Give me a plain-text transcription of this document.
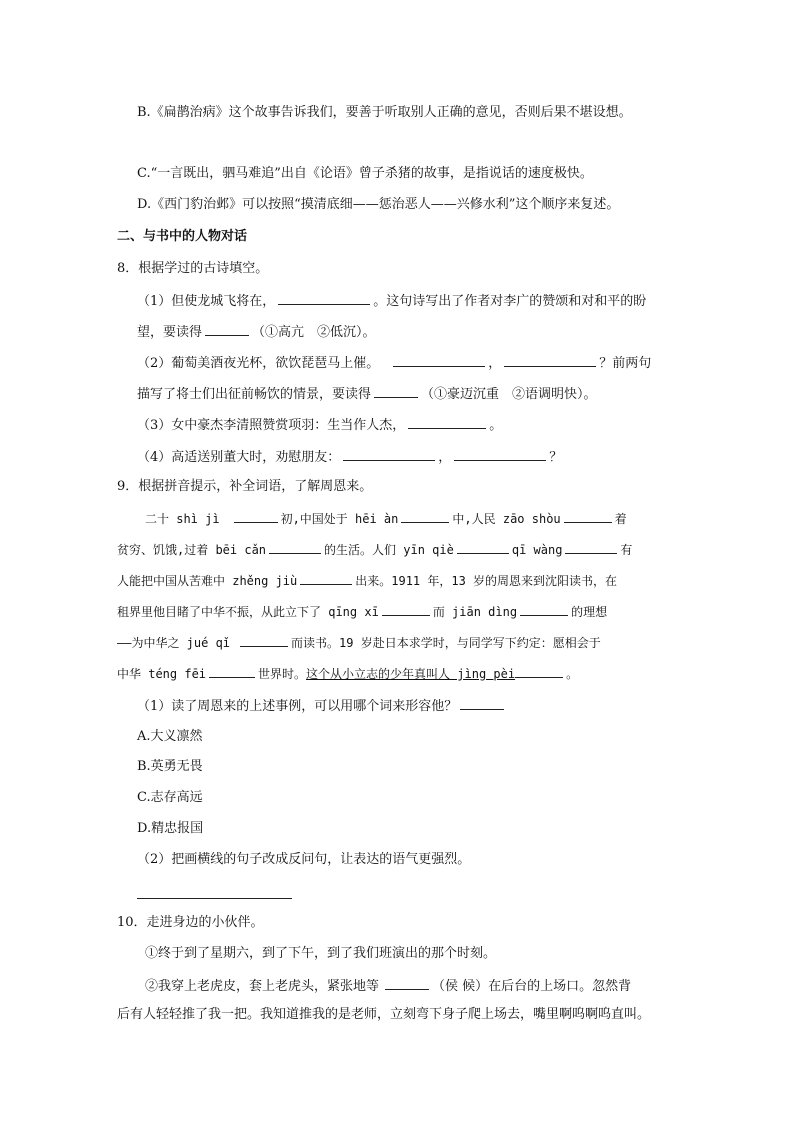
B.《扁鹊治病》这个故事告诉我们，要善于听取别人正确的意见，否则后果不堪设想。
C.“一言既出，驷马难追”出自《论语》曾子杀猪的故事，是指说话的速度极快。
D.《西门豹治邺》可以按照“摸清底细——惩治恶人——兴修水利”这个顺序来复述。
二、与书中的人物对话
8．根据学过的古诗填空。
（1）但使龙城飞将在，	。这句诗写出了作者对李广的赞颂和对和平的盼
望，要读得	（①高亢　②低沉）。
（2）葡萄美酒夜光杯，欲饮琵琶马上催。	，	？前两句
描写了将士们出征前畅饮的情景，要读得	（①豪迈沉重　②语调明快）。
（3）女中豪杰李清照赞赏项羽：生当作人杰，	。
（4）高适送别董大时，劝慰朋友：	，	？
9．根据拼音提示，补全词语，了解周恩来。
二十 shì jì	初,中国处于 hēi àn	中,人民 zāo shòu	着
贫穷、饥饿,过着 bēi cǎn	的生活。人们 yīn qiè	qī wàng	有
人能把中国从苦难中 zhěng jiù	出来。1911 年，13 岁的周恩来到沈阳读书，在
租界里他目睹了中华不振，从此立下了 qīng xī	而 jiān dìng	的理想
——为中华之 jué qǐ	而读书。19 岁赴日本求学时，与同学写下约定：愿相会于
中华 téng fēi	世界时。这个从小立志的少年真叫人 jìng pèi	。
（1）读了周恩来的上述事例，可以用哪个词来形容他？
A.大义凛然
B.英勇无畏
C.志存高远
D.精忠报国
（2）把画横线的句子改成反问句，让表达的语气更强烈。
10．走进身边的小伙伴。
①终于到了星期六，到了下午，到了我们班演出的那个时刻。
②我穿上老虎皮，套上老虎头，紧张地等	（侯 候）在后台的上场口。忽然背
后有人轻轻推了我一把。我知道推我的是老师，立刻弯下身子爬上场去，嘴里啊呜啊呜直叫。
